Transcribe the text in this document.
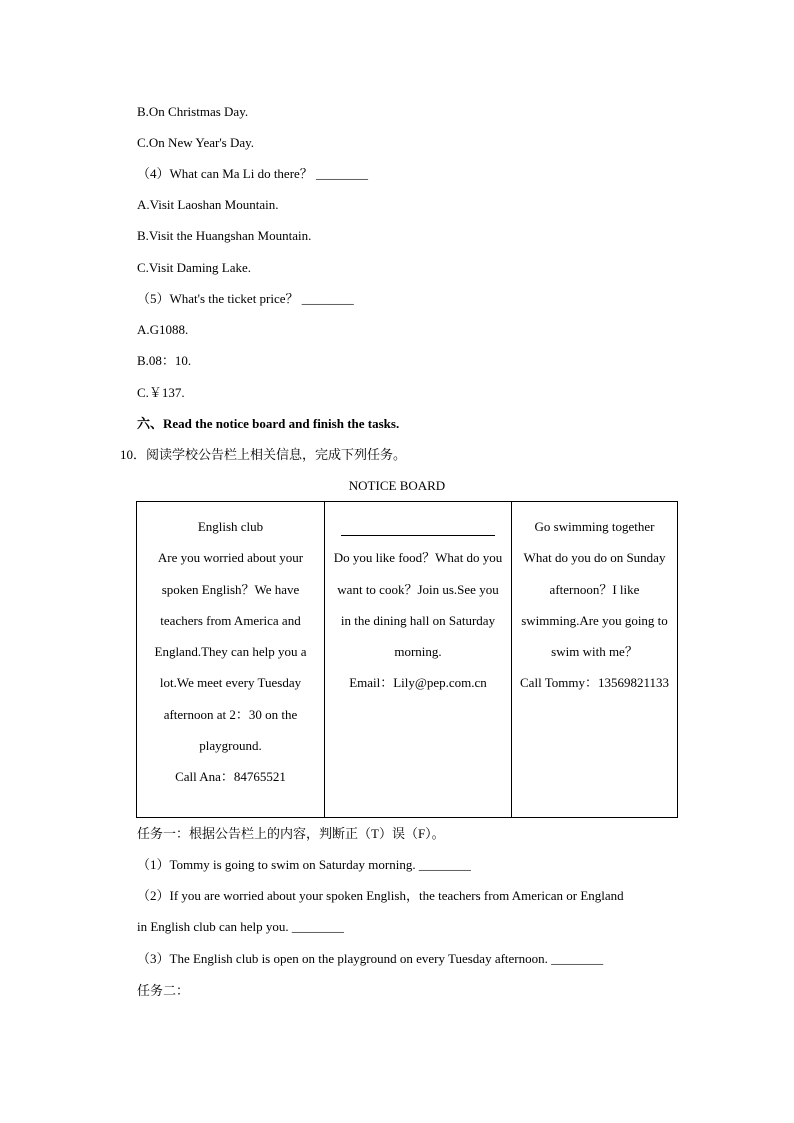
B.On Christmas Day.
C.On New Year's Day.
（4）What can Ma Li do there？ ________
A.Visit Laoshan Mountain.
B.Visit the Huangshan Mountain.
C.Visit Daming Lake.
（5）What's the ticket price？ ________
A.G1088.
B.08：10.
C.￥137.
六、Read the notice board and finish the tasks.
10．阅读学校公告栏上相关信息，完成下列任务。
NOTICE BOARD
English club
Are you worried about your
spoken English？We have
teachers from America and
England.They can help you a
lot.We meet every Tuesday
afternoon at 2：30 on the
playground.
Call Ana：84765521

Do you like food？What do you
want to cook？Join us.See you
in the dining hall on Saturday
morning.
Email：Lily@pep.com.cn

Go swimming together
What do you do on Sunday
afternoon？I like
swimming.Are you going to
swim with me？
Call Tommy：13569821133
任务一：根据公告栏上的内容，判断正（T）误（F）。
（1）Tommy is going to swim on Saturday morning. ________
（2）If you are worried about your spoken English，the teachers from American or England
in English club can help you. ________
（3）The English club is open on the playground on every Tuesday afternoon. ________
任务二：
